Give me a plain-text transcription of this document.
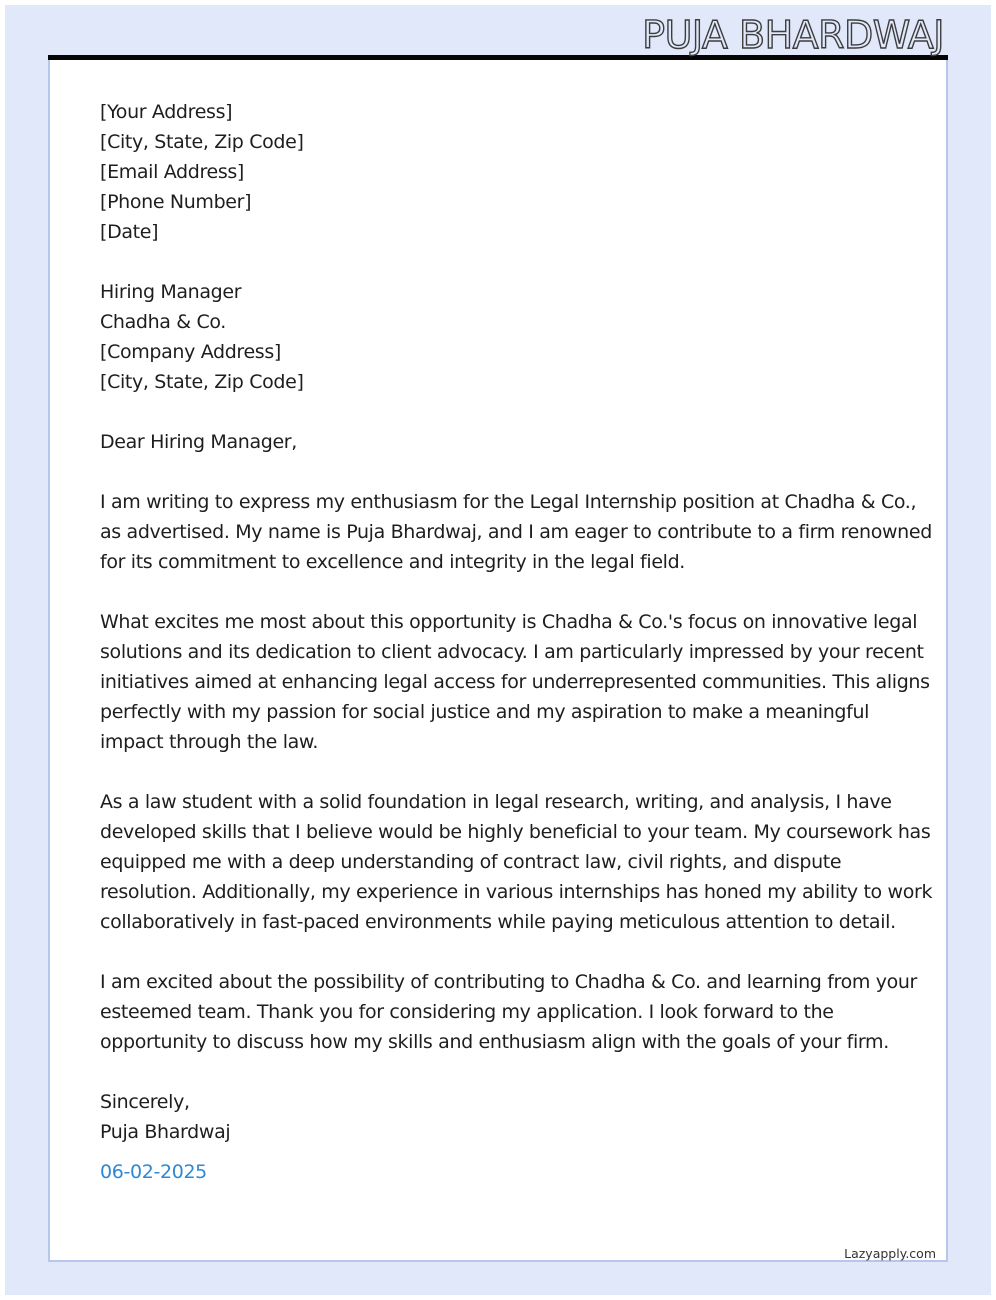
PUJA BHARDWAJ
[Your Address]
[City, State, Zip Code]
[Email Address]
[Phone Number]
[Date]
Hiring Manager
Chadha & Co.
[Company Address]
[City, State, Zip Code]
Dear Hiring Manager,
I am writing to express my enthusiasm for the Legal Internship position at Chadha & Co.,
as advertised. My name is Puja Bhardwaj, and I am eager to contribute to a firm renowned
for its commitment to excellence and integrity in the legal field.
What excites me most about this opportunity is Chadha & Co.'s focus on innovative legal
solutions and its dedication to client advocacy. I am particularly impressed by your recent
initiatives aimed at enhancing legal access for underrepresented communities. This aligns
perfectly with my passion for social justice and my aspiration to make a meaningful
impact through the law.
As a law student with a solid foundation in legal research, writing, and analysis, I have
developed skills that I believe would be highly beneficial to your team. My coursework has
equipped me with a deep understanding of contract law, civil rights, and dispute
resolution. Additionally, my experience in various internships has honed my ability to work
collaboratively in fast-paced environments while paying meticulous attention to detail.
I am excited about the possibility of contributing to Chadha & Co. and learning from your
esteemed team. Thank you for considering my application. I look forward to the
opportunity to discuss how my skills and enthusiasm align with the goals of your firm.
Sincerely,
Puja Bhardwaj
06-02-2025
Lazyapply.com
